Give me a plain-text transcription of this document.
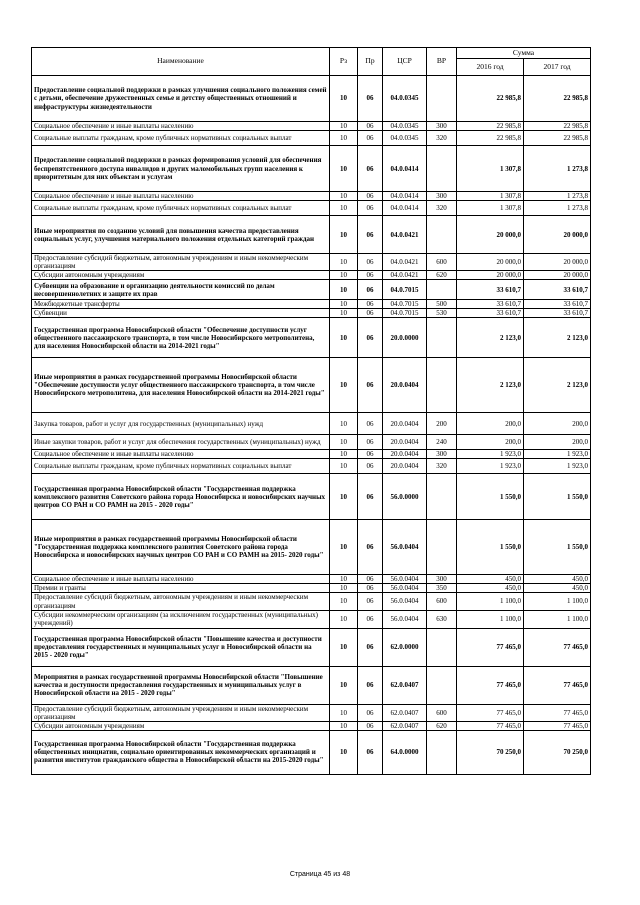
Наименование	Рз	Пр	ЦСР	ВР	Сумма	
					2016 год	2017 год
Предоставление социальной поддержки в рамках улучшения социального положения семей с детьми, обеспечение дружественных семье и детству общественных отношений и инфраструктуры жизнедеятельности	10	06	04.0.0345		22 985,8	22 985,8
Социальное обеспечение и иные выплаты населению	10	06	04.0.0345	300	22 985,8	22 985,8
Социальные выплаты гражданам, кроме публичных нормативных социальных выплат	10	06	04.0.0345	320	22 985,8	22 985,8
Предоставление социальной поддержки в рамках формирования условий для обеспечения беспрепятственного доступа инвалидов и других маломобильных групп населения к приоритетным для них объектам и услугам	10	06	04.0.0414		1 307,8	1 273,8
Социальное обеспечение и иные выплаты населению	10	06	04.0.0414	300	1 307,8	1 273,8
Социальные выплаты гражданам, кроме публичных нормативных социальных выплат	10	06	04.0.0414	320	1 307,8	1 273,8
Иные мероприятия по созданию условий для повышения качества предоставления социальных услуг, улучшения материального положения отдельных категорий граждан	10	06	04.0.0421		20 000,0	20 000,0
Предоставление субсидий бюджетным, автономным учреждениям и иным некоммерческим организациям	10	06	04.0.0421	600	20 000,0	20 000,0
Субсидии автономным учреждениям	10	06	04.0.0421	620	20 000,0	20 000,0
Субвенции на образование и организацию деятельности комиссий по делам несовершеннолетних и защите их прав	10	06	04.0.7015		33 610,7	33 610,7
Межбюджетные трансферты	10	06	04.0.7015	500	33 610,7	33 610,7
Субвенции	10	06	04.0.7015	530	33 610,7	33 610,7
Государственная программа Новосибирской области "Обеспечение доступности услуг общественного пассажирского транспорта, в том числе Новосибирского метрополитена, для населения Новосибирской области на 2014-2021 годы"	10	06	20.0.0000		2 123,0	2 123,0
Иные мероприятия в рамках государственной программы Новосибирской области "Обеспечение доступности услуг общественного пассажирского транспорта, в том числе Новосибирского метрополитена, для населения Новосибирской области на 2014-2021 годы"	10	06	20.0.0404		2 123,0	2 123,0
Закупка товаров, работ и услуг для государственных (муниципальных) нужд	10	06	20.0.0404	200	200,0	200,0
Иные закупки товаров, работ и услуг для обеспечения государственных (муниципальных) нужд	10	06	20.0.0404	240	200,0	200,0
Социальное обеспечение и иные выплаты населению	10	06	20.0.0404	300	1 923,0	1 923,0
Социальные выплаты гражданам, кроме публичных нормативных социальных выплат	10	06	20.0.0404	320	1 923,0	1 923,0
Государственная программа Новосибирской области "Государственная поддержка комплексного развития Советского района города Новосибирска и новосибирских научных центров СО РАН и СО РАМН на 2015 - 2020 годы"	10	06	56.0.0000		1 550,0	1 550,0
Иные мероприятия в рамках государственной программы Новосибирской области "Государственная поддержка комплексного развития Советского района города Новосибирска и новосибирских научных центров СО РАН и СО РАМН на 2015- 2020 годы"	10	06	56.0.0404		1 550,0	1 550,0
Социальное обеспечение и иные выплаты населению	10	06	56.0.0404	300	450,0	450,0
Премии и гранты	10	06	56.0.0404	350	450,0	450,0
Предоставление субсидий бюджетным, автономным учреждениям и иным некоммерческим организациям	10	06	56.0.0404	600	1 100,0	1 100,0
Субсидии некоммерческим организациям (за исключением государственных (муниципальных) учреждений)	10	06	56.0.0404	630	1 100,0	1 100,0
Государственная программа Новосибирской области "Повышение качества и доступности предоставления государственных и муниципальных услуг в Новосибирской области на 2015 - 2020 годы"	10	06	62.0.0000		77 465,0	77 465,0
Мероприятия в рамках государственной программы Новосибирской области "Повышение качества и доступности предоставления государственных и муниципальных услуг в Новосибирской области на 2015 - 2020 годы"	10	06	62.0.0407		77 465,0	77 465,0
Предоставление субсидий бюджетным, автономным учреждениям и иным некоммерческим организациям	10	06	62.0.0407	600	77 465,0	77 465,0
Субсидии автономным учреждениям	10	06	62.0.0407	620	77 465,0	77 465,0
Государственная программа Новосибирской области "Государственная поддержка общественных инициатив, социально ориентированных некоммерческих организаций и развития институтов гражданского общества в Новосибирской области на 2015-2020 годы"	10	06	64.0.0000		70 250,0	70 250,0
Страница 45 из 48
